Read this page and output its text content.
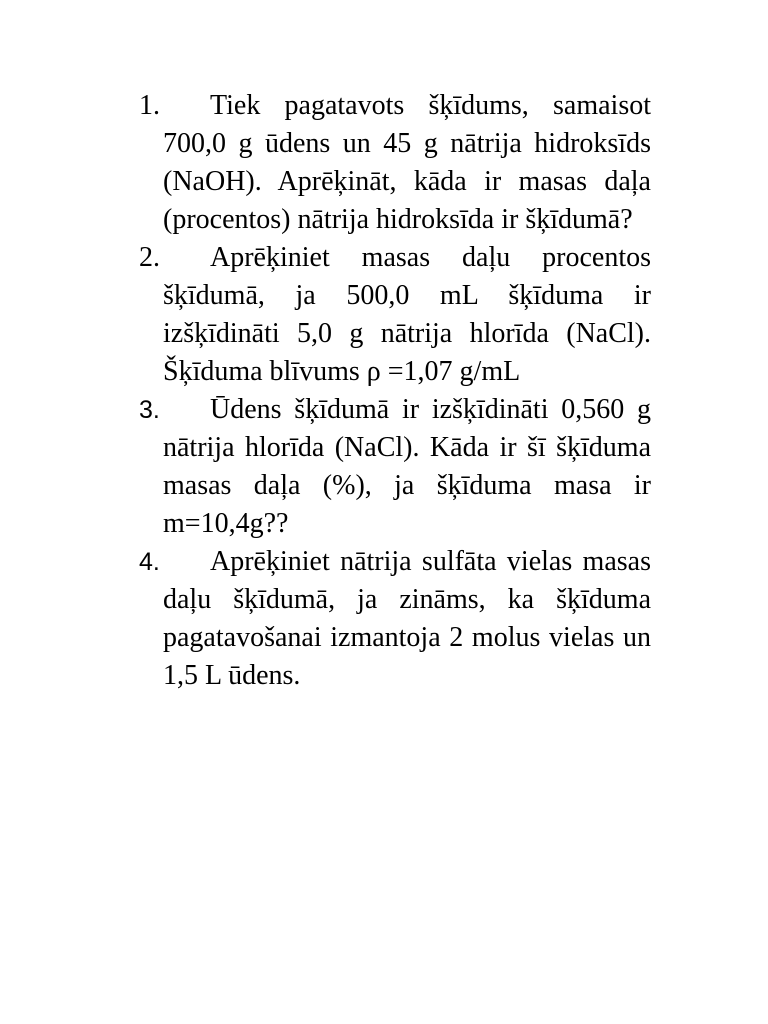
1.	Tiek pagatavots šķīdums, samaisot 700,0 g ūdens un 45 g nātrija hidroksīds (NaOH). Aprēķināt, kāda ir masas daļa (procentos) nātrija hidroksīda ir šķīdumā?
2.	Aprēķiniet masas daļu procentos šķīdumā, ja 500,0 mL šķīduma ir izšķīdināti 5,0 g nātrija hlorīda (NaCl). Šķīduma blīvums ρ =1,07 g/mL
3.	Ūdens šķīdumā ir izšķīdināti 0,560 g nātrija hlorīda (NaCl). Kāda ir šī šķīduma masas daļa (%), ja šķīduma masa ir m=10,4g??
4.	Aprēķiniet nātrija sulfāta vielas masas daļu šķīdumā, ja zināms, ka šķīduma pagatavošanai izmantoja 2 molus vielas un 1,5 L ūdens.
